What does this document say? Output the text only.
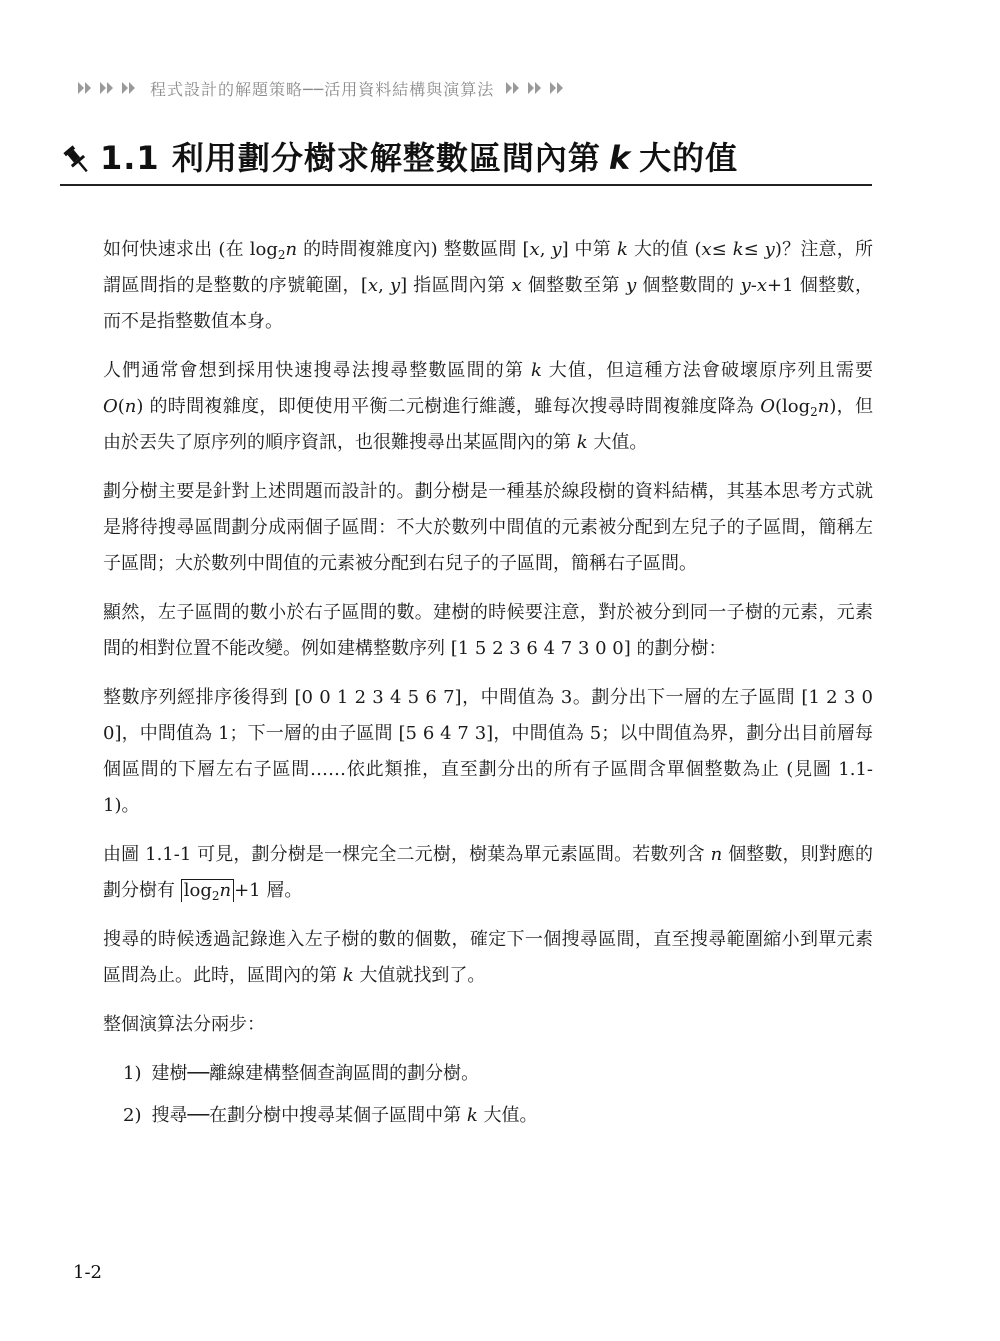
程式設計的解題策略──活用資料結構與演算法
1.1 利用劃分樹求解整數區間內第 k 大的值

如何快速求出 (在 $\log_2n$ 的時間複雜度內) 整數區間 [x, y] 中第 k 大的值 (x≤ k≤ y)？注意，所謂區間指的是整數的序號範圍，[x, y] 指區間內第 x 個整數至第 y 個整數間的 y-x+1 個整數，而不是指整數值本身。

人們通常會想到採用快速搜尋法搜尋整數區間的第 k 大值，但這種方法會破壞原序列且需要 O(n) 的時間複雜度，即便使用平衡二元樹進行維護，雖每次搜尋時間複雜度降為 $O(\log_2n)$，但由於丟失了原序列的順序資訊，也很難搜尋出某區間內的第 k 大值。

劃分樹主要是針對上述問題而設計的。劃分樹是一種基於線段樹的資料結構，其基本思考方式就是將待搜尋區間劃分成兩個子區間：不大於數列中間值的元素被分配到左兒子的子區間，簡稱左子區間；大於數列中間值的元素被分配到右兒子的子區間，簡稱右子區間。

顯然，左子區間的數小於右子區間的數。建樹的時候要注意，對於被分到同一子樹的元素，元素間的相對位置不能改變。例如建構整數序列 [1 5 2 3 6 4 7 3 0 0] 的劃分樹：

整數序列經排序後得到 [0 0 1 2 3 4 5 6 7]，中間值為 3。劃分出下一層的左子區間 [1 2 3 0 0]，中間值為 1；下一層的由子區間 [5 6 4 7 3]，中間值為 5；以中間值為界，劃分出目前層每個區間的下層左右子區間……依此類推，直至劃分出的所有子區間含單個整數為止 (見圖 1.1-1)。

由圖 1.1-1 可見，劃分樹是一棵完全二元樹，樹葉為單元素區間。若數列含 n 個整數，則對應的劃分樹有 $\log_2n +1$ 層。

搜尋的時候透過記錄進入左子樹的數的個數，確定下一個搜尋區間，直至搜尋範圍縮小到單元素區間為止。此時，區間內的第 k 大值就找到了。

整個演算法分兩步：

1) 建樹──離線建構整個查詢區間的劃分樹。
2) 搜尋──在劃分樹中搜尋某個子區間中第 k 大值。
1-2
